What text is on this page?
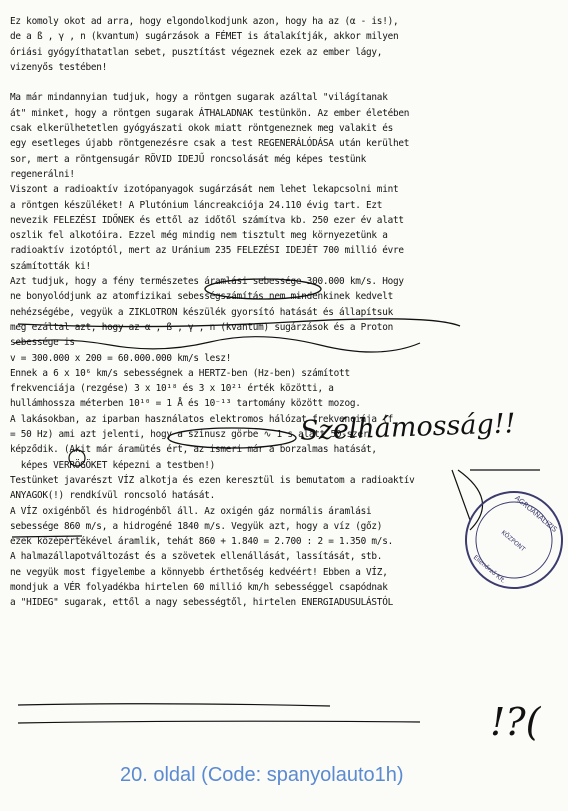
Ez komoly okot ad arra, hogy elgondolkodjunk azon, hogy ha az (α - is!),
de a ß , γ , n (kvantum) sugárzások a FÉMET is átalakítják, akkor milyen
óriási gyógyíthatatlan sebet, pusztítást végeznek ezek az ember lágy,
vizenyős testében!
Ma már mindannyian tudjuk, hogy a röntgen sugarak azáltal "világítanak
át" minket, hogy a röntgen sugarak ÁTHALADNAK testünkön. Az ember életében
csak elkerülhetetlen gyógyászati okok miatt röntgeneznek meg valakit és
egy esetleges újabb röntgenezésre csak a test REGENERÁLÓDÁSA után kerülhet
sor, mert a röntgensugár RÖVID IDEJŰ roncsolását még képes testünk
regenerálni!
Viszont a radioaktív izotópanyagok sugárzását nem lehet lekapcsolni mint
a röntgen készüléket! A Plutónium láncreakciója 24.110 évig tart. Ezt
nevezik FELEZÉSI IDŐNEK és ettől az időtől számítva kb. 250 ezer év alatt
oszlik fel alkotóira. Ezzel még mindig nem tisztult meg környezetünk a
radioaktív izotóptól, mert az Uránium 235 FELEZÉSI IDEJÉT 700 millió évre
számították ki!
Azt tudjuk, hogy a fény természetes áramlási sebessége 300.000 km/s. Hogy
ne bonyolódjunk az atomfizikai sebességszámítás nem mindenkinek kedvelt
nehézségébe, vegyük a ZIKLOTRON készülék gyorsító hatását és állapítsuk
meg ezáltal azt, hogy az α , ß , γ , n (kvantum) sugárzások és a Proton
sebessége is
v = 300.000 x 200 = 60.000.000 km/s lesz!
Ennek a 6 x 10⁶ km/s sebességnek a HERTZ-ben (Hz-ben) számított
frekvenciája (rezgése) 3 x 10¹⁸ és 3 x 10²¹ érték közötti, a
hullámhossza méterben 10¹⁰ = 1 Å és 10⁻¹³ tartomány között mozog.
A lakásokban, az iparban használatos elektromos hálózat frekvenciája (f
= 50 Hz) ami azt jelenti, hogy a szinusz görbe ∿ 1 s alatt 50-szer
képződik. (Akit már áramütés ért, az ismeri már a borzalmas hatását,
képes VERRÖGÖKET képezni a testben!)
Testünket javarészt VÍZ alkotja és ezen keresztül is bemutatom a radioaktív
ANYAGOK(!) rendkívül roncsoló hatását.
A VÍZ oxigénből és hidrogénből áll. Az oxigén gáz normális áramlási
sebessége 860 m/s, a hidrogéné 1840 m/s. Vegyük azt, hogy a víz (gőz)
ezek középértékével áramlik, tehát 860 + 1.840 = 2.700 : 2 = 1.350 m/s.
A halmazállapotváltozást és a szövetek ellenállását, lassítását, stb.
ne vegyük most figyelembe a könnyebb érthetőség kedvéért! Ebben a VÍZ,
mondjuk a VÉR folyadékba hirtelen 60 millió km/h sebességgel csapódnak
a "HIDEG" sugarak, ettől a nagy sebességtől, hirtelen ENERGIADUSULÁSTÓL
AGROANALIZIS
KÖZPONT
Ellenőrző Kft.
Szélhámosság!!
!?(
20. oldal (Code: spanyolauto1h)
